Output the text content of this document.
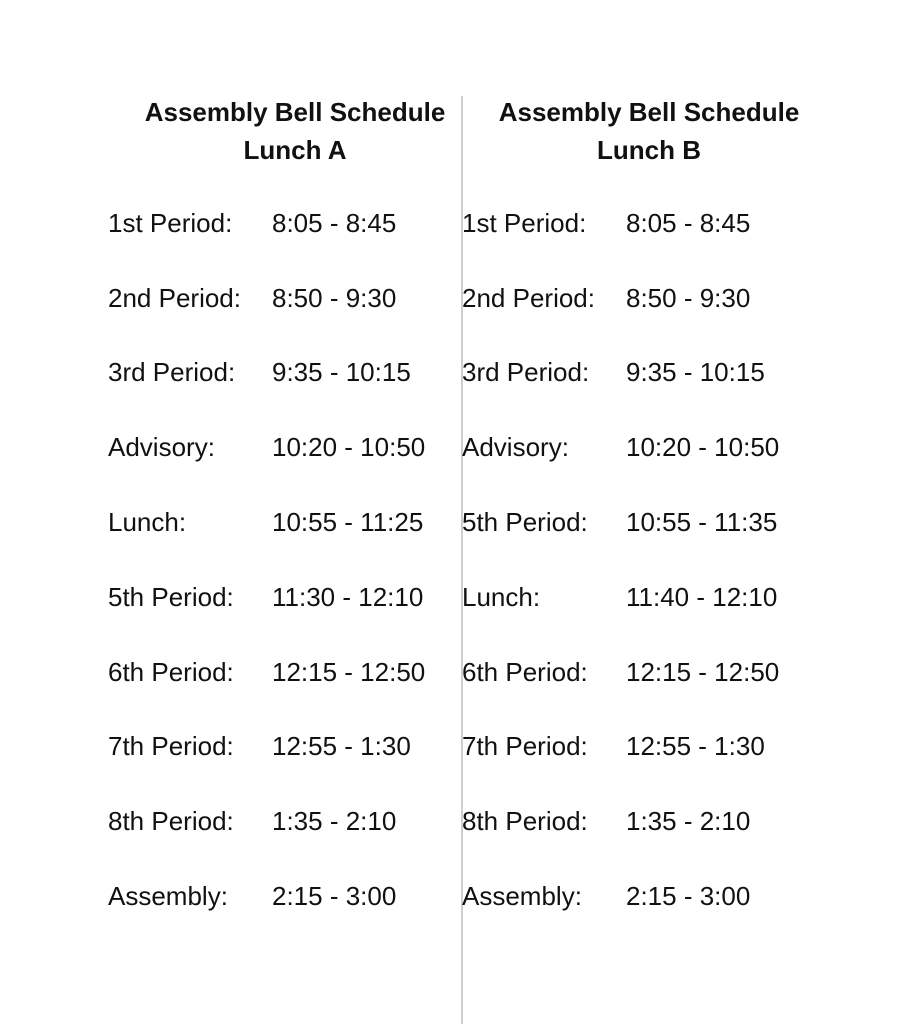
Assembly Bell Schedule
Lunch A
1st Period:	8:05 - 8:45
2nd Period:	8:50 - 9:30
3rd Period:	9:35 - 10:15
Advisory:	10:20 - 10:50
Lunch:	10:55 - 11:25
5th Period:	11:30 - 12:10
6th Period:	12:15 - 12:50
7th Period:	12:55 - 1:30
8th Period:	1:35 - 2:10
Assembly:	2:15 - 3:00
Assembly Bell Schedule
Lunch B
1st Period:	8:05 - 8:45
2nd Period:	8:50 - 9:30
3rd Period:	9:35 - 10:15
Advisory:	10:20 - 10:50
5th Period:	10:55 - 11:35
Lunch:	11:40 - 12:10
6th Period:	12:15 - 12:50
7th Period:	12:55 - 1:30
8th Period:	1:35 - 2:10
Assembly:	2:15 - 3:00
